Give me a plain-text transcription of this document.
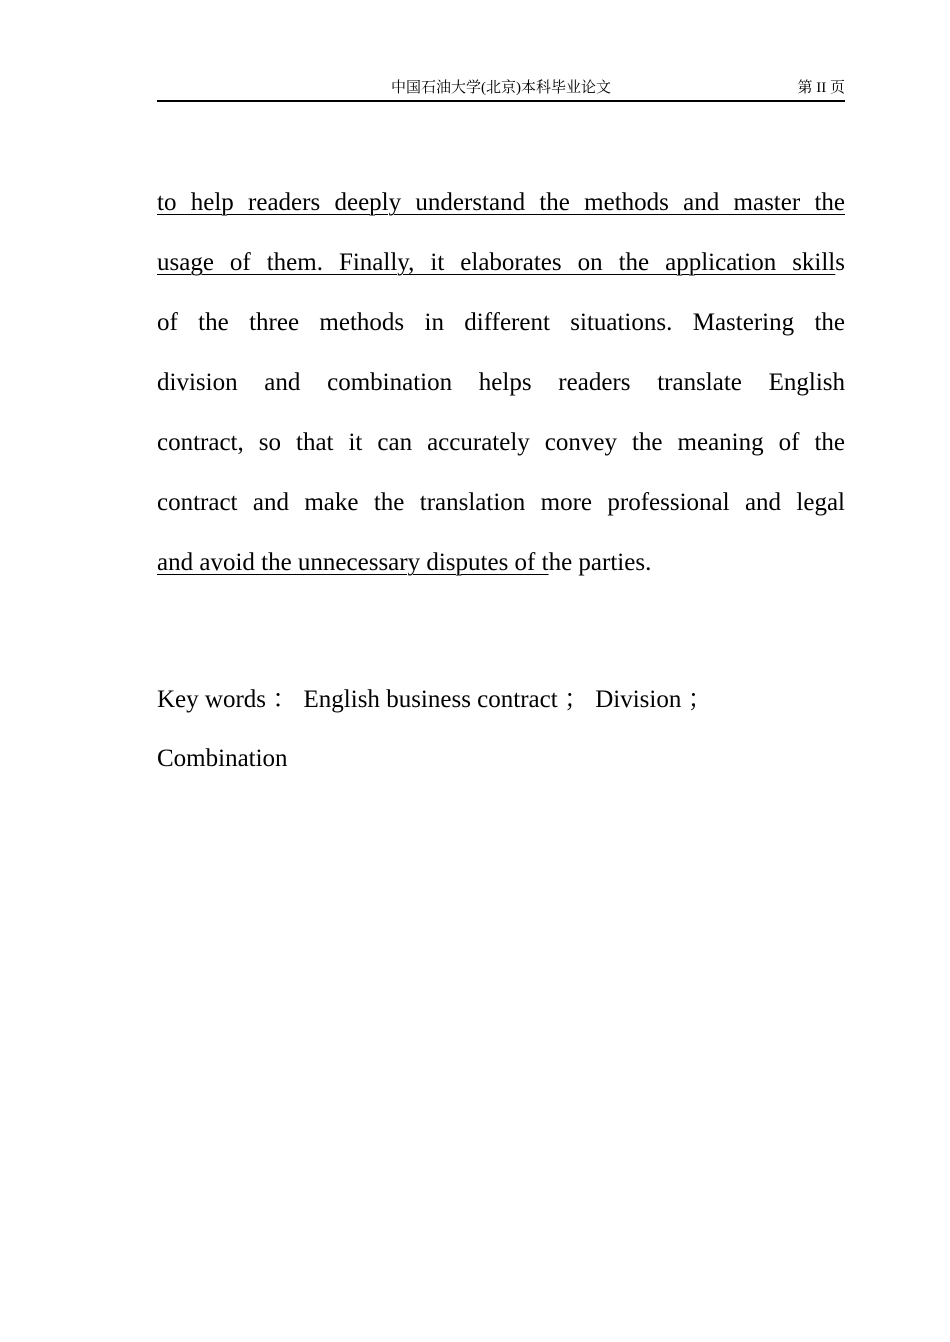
中国石油大学(北京)本科毕业论文	第 II 页
to help readers deeply understand the methods and master the
usage of them. Finally, it elaborates on the application skills
of the three methods in different situations. Mastering the
division and combination helps readers translate English
contract, so that it can accurately convey the meaning of the
contract and make the translation more professional and legal
and avoid the unnecessary disputes of the parties.
Key words ： English business contract ； Division ；
Combination
